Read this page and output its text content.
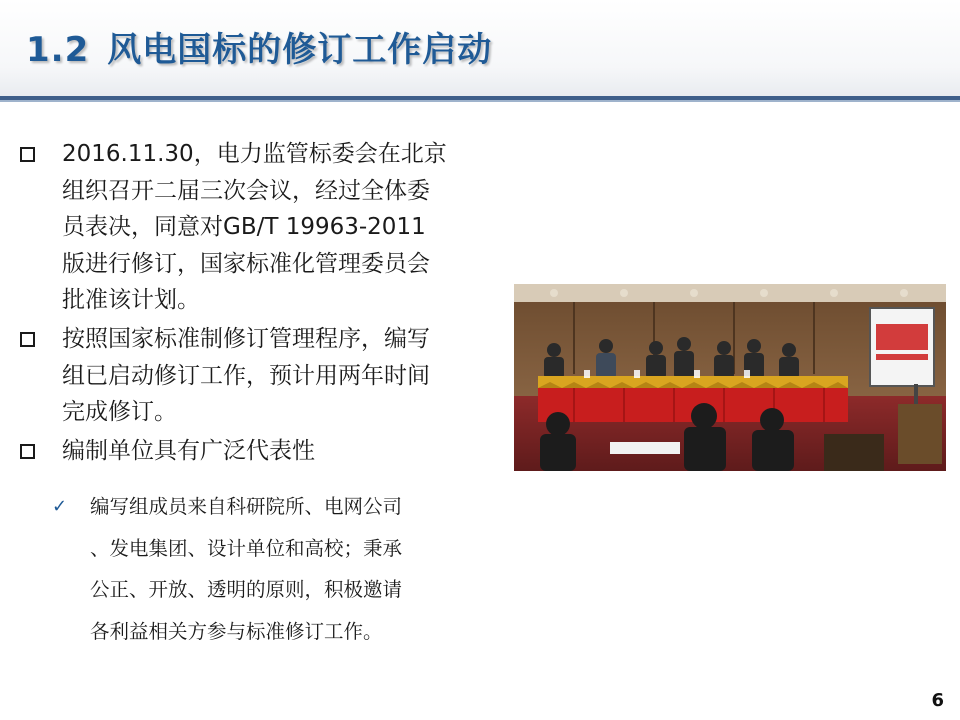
1.2 风电国标的修订工作启动
2016.11.30，电力监管标委会在北京
组织召开二届三次会议，经过全体委
员表决，同意对GB/T 19963-2011
版进行修订，国家标准化管理委员会
批准该计划。
按照国家标准制修订管理程序，编写
组已启动修订工作，预计用两年时间
完成修订。
编制单位具有广泛代表性
✓ 编写组成员来自科研院所、电网公司
、发电集团、设计单位和高校；秉承
公正、开放、透明的原则，积极邀请
各利益相关方参与标准修订工作。
6
